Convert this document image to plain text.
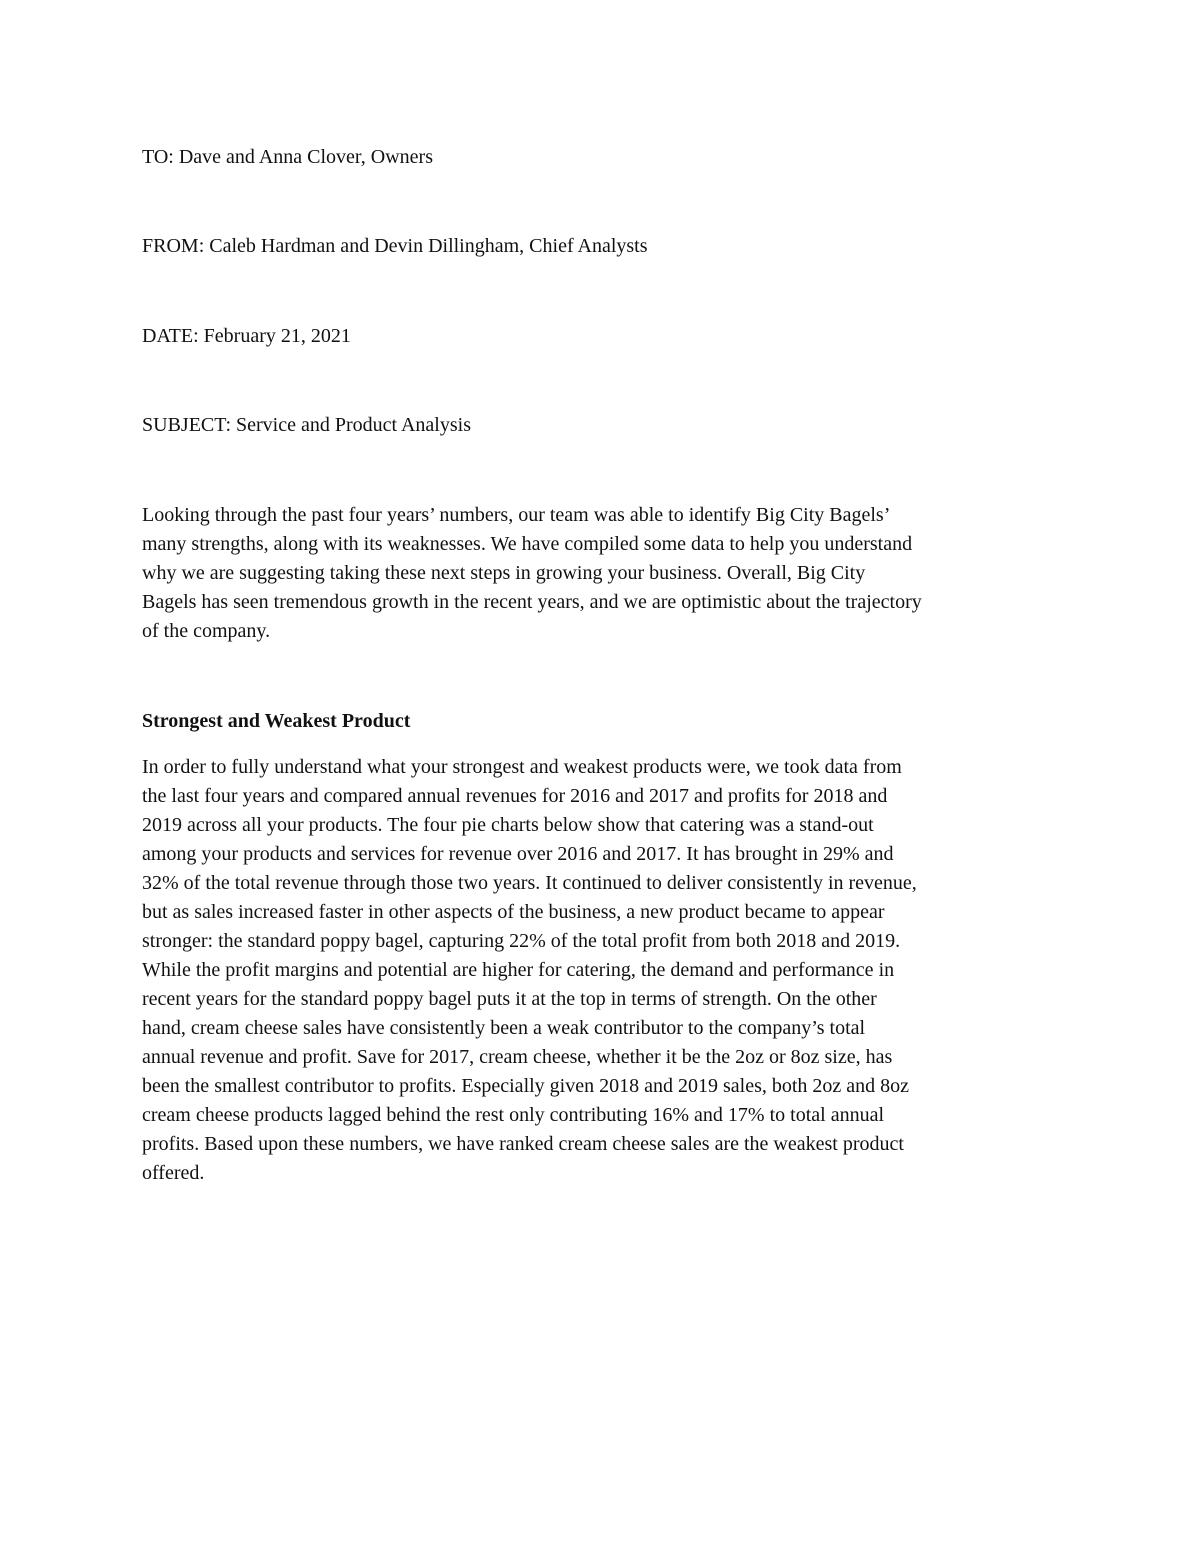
TO: Dave and Anna Clover, Owners

FROM: Caleb Hardman and Devin Dillingham, Chief Analysts

DATE: February 21, 2021

SUBJECT: Service and Product Analysis

Looking through the past four years’ numbers, our team was able to identify Big City Bagels’
many strengths, along with its weaknesses. We have compiled some data to help you understand
why we are suggesting taking these next steps in growing your business. Overall, Big City
Bagels has seen tremendous growth in the recent years, and we are optimistic about the trajectory
of the company.

Strongest and Weakest Product

In order to fully understand what your strongest and weakest products were, we took data from
the last four years and compared annual revenues for 2016 and 2017 and profits for 2018 and
2019 across all your products. The four pie charts below show that catering was a stand-out
among your products and services for revenue over 2016 and 2017. It has brought in 29% and
32% of the total revenue through those two years. It continued to deliver consistently in revenue,
but as sales increased faster in other aspects of the business, a new product became to appear
stronger: the standard poppy bagel, capturing 22% of the total profit from both 2018 and 2019.
While the profit margins and potential are higher for catering, the demand and performance in
recent years for the standard poppy bagel puts it at the top in terms of strength. On the other
hand, cream cheese sales have consistently been a weak contributor to the company’s total
annual revenue and profit. Save for 2017, cream cheese, whether it be the 2oz or 8oz size, has
been the smallest contributor to profits. Especially given 2018 and 2019 sales, both 2oz and 8oz
cream cheese products lagged behind the rest only contributing 16% and 17% to total annual
profits. Based upon these numbers, we have ranked cream cheese sales are the weakest product
offered.
